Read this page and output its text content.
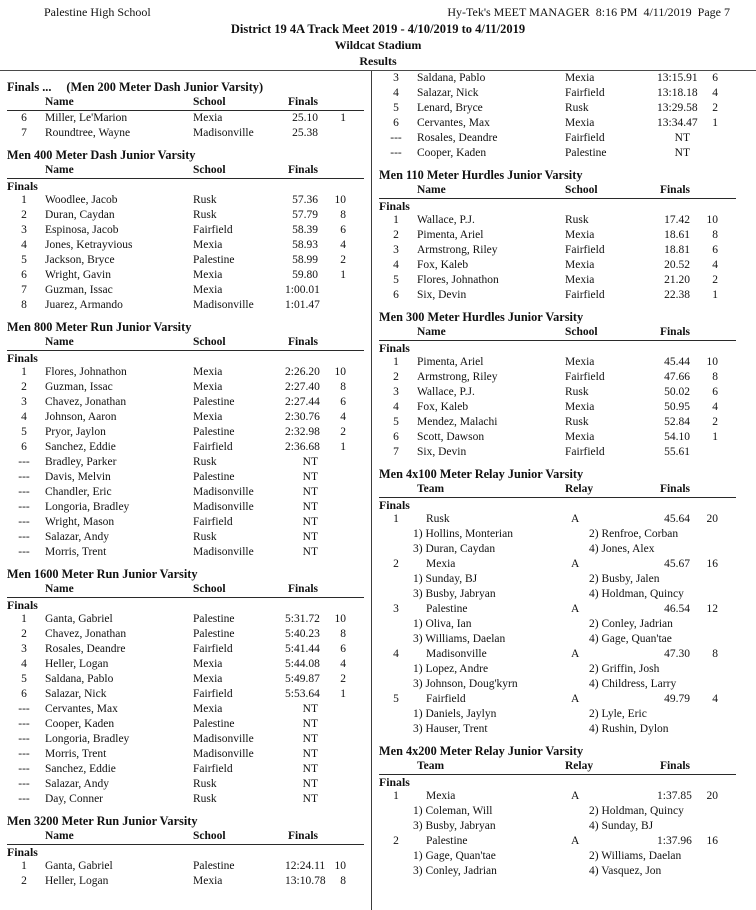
Palestine High School	Hy-Tek's MEET MANAGER  8:16 PM  4/11/2019  Page 7
District 19 4A Track Meet 2019 - 4/10/2019 to 4/11/2019
Wildcat Stadium
Results
Finals ... (Men 200 Meter Dash Junior Varsity)
Name	School	Finals
6	Miller, Le'Marion	Mexia	25.10	1
7	Roundtree, Wayne	Madisonville	25.38
Men 400 Meter Dash Junior Varsity
Name	School	Finals
Finals
1	Woodlee, Jacob	Rusk	57.36	10
2	Duran, Caydan	Rusk	57.79	8
3	Espinosa, Jacob	Fairfield	58.39	6
4	Jones, Ketrayvious	Mexia	58.93	4
5	Jackson, Bryce	Palestine	58.99	2
6	Wright, Gavin	Mexia	59.80	1
7	Guzman, Issac	Mexia	1:00.01
8	Juarez, Armando	Madisonville	1:01.47
Men 800 Meter Run Junior Varsity
Name	School	Finals
Finals
1	Flores, Johnathon	Mexia	2:26.20	10
2	Guzman, Issac	Mexia	2:27.40	8
3	Chavez, Jonathan	Palestine	2:27.44	6
4	Johnson, Aaron	Mexia	2:30.76	4
5	Pryor, Jaylon	Palestine	2:32.98	2
6	Sanchez, Eddie	Fairfield	2:36.68	1
---	Bradley, Parker	Rusk	NT
---	Davis, Melvin	Palestine	NT
---	Chandler, Eric	Madisonville	NT
---	Longoria, Bradley	Madisonville	NT
---	Wright, Mason	Fairfield	NT
---	Salazar, Andy	Rusk	NT
---	Morris, Trent	Madisonville	NT
Men 1600 Meter Run Junior Varsity
Name	School	Finals
Finals
1	Ganta, Gabriel	Palestine	5:31.72	10
2	Chavez, Jonathan	Palestine	5:40.23	8
3	Rosales, Deandre	Fairfield	5:41.44	6
4	Heller, Logan	Mexia	5:44.08	4
5	Saldana, Pablo	Mexia	5:49.87	2
6	Salazar, Nick	Fairfield	5:53.64	1
---	Cervantes, Max	Mexia	NT
---	Cooper, Kaden	Palestine	NT
---	Longoria, Bradley	Madisonville	NT
---	Morris, Trent	Madisonville	NT
---	Sanchez, Eddie	Fairfield	NT
---	Salazar, Andy	Rusk	NT
---	Day, Conner	Rusk	NT
Men 3200 Meter Run Junior Varsity
Name	School	Finals
Finals
1	Ganta, Gabriel	Palestine	12:24.11 10
2	Heller, Logan	Mexia	13:10.78	8
3	Saldana, Pablo	Mexia	13:15.91	6
4	Salazar, Nick	Fairfield	13:18.18	4
5	Lenard, Bryce	Rusk	13:29.58	2
6	Cervantes, Max	Mexia	13:34.47	1
---	Rosales, Deandre	Fairfield	NT
---	Cooper, Kaden	Palestine	NT
Men 110 Meter Hurdles Junior Varsity
Name	School	Finals
Finals
1	Wallace, P.J.	Rusk	17.42	10
2	Pimenta, Ariel	Mexia	18.61	8
3	Armstrong, Riley	Fairfield	18.81	6
4	Fox, Kaleb	Mexia	20.52	4
5	Flores, Johnathon	Mexia	21.20	2
6	Six, Devin	Fairfield	22.38	1
Men 300 Meter Hurdles Junior Varsity
Name	School	Finals
Finals
1	Pimenta, Ariel	Mexia	45.44	10
2	Armstrong, Riley	Fairfield	47.66	8
3	Wallace, P.J.	Rusk	50.02	6
4	Fox, Kaleb	Mexia	50.95	4
5	Mendez, Malachi	Rusk	52.84	2
6	Scott, Dawson	Mexia	54.10	1
7	Six, Devin	Fairfield	55.61
Men 4x100 Meter Relay Junior Varsity
Team	Relay	Finals
Finals
1	Rusk	A	45.64	20
1) Hollins, Monterian	2) Renfroe, Corban
3) Duran, Caydan	4) Jones, Alex
2	Mexia	A	45.67	16
1) Sunday, BJ	2) Busby, Jalen
3) Busby, Jabryan	4) Holdman, Quincy
3	Palestine	A	46.54	12
1) Oliva, Ian	2) Conley, Jadrian
3) Williams, Daelan	4) Gage, Quan'tae
4	Madisonville	A	47.30	8
1) Lopez, Andre	2) Griffin, Josh
3) Johnson, Doug'kyrn	4) Childress, Larry
5	Fairfield	A	49.79	4
1) Daniels, Jaylyn	2) Lyle, Eric
3) Hauser, Trent	4) Rushin, Dylon
Men 4x200 Meter Relay Junior Varsity
Team	Relay	Finals
Finals
1	Mexia	A	1:37.85	20
1) Coleman, Will	2) Holdman, Quincy
3) Busby, Jabryan	4) Sunday, BJ
2	Palestine	A	1:37.96	16
1) Gage, Quan'tae	2) Williams, Daelan
3) Conley, Jadrian	4) Vasquez, Jon
